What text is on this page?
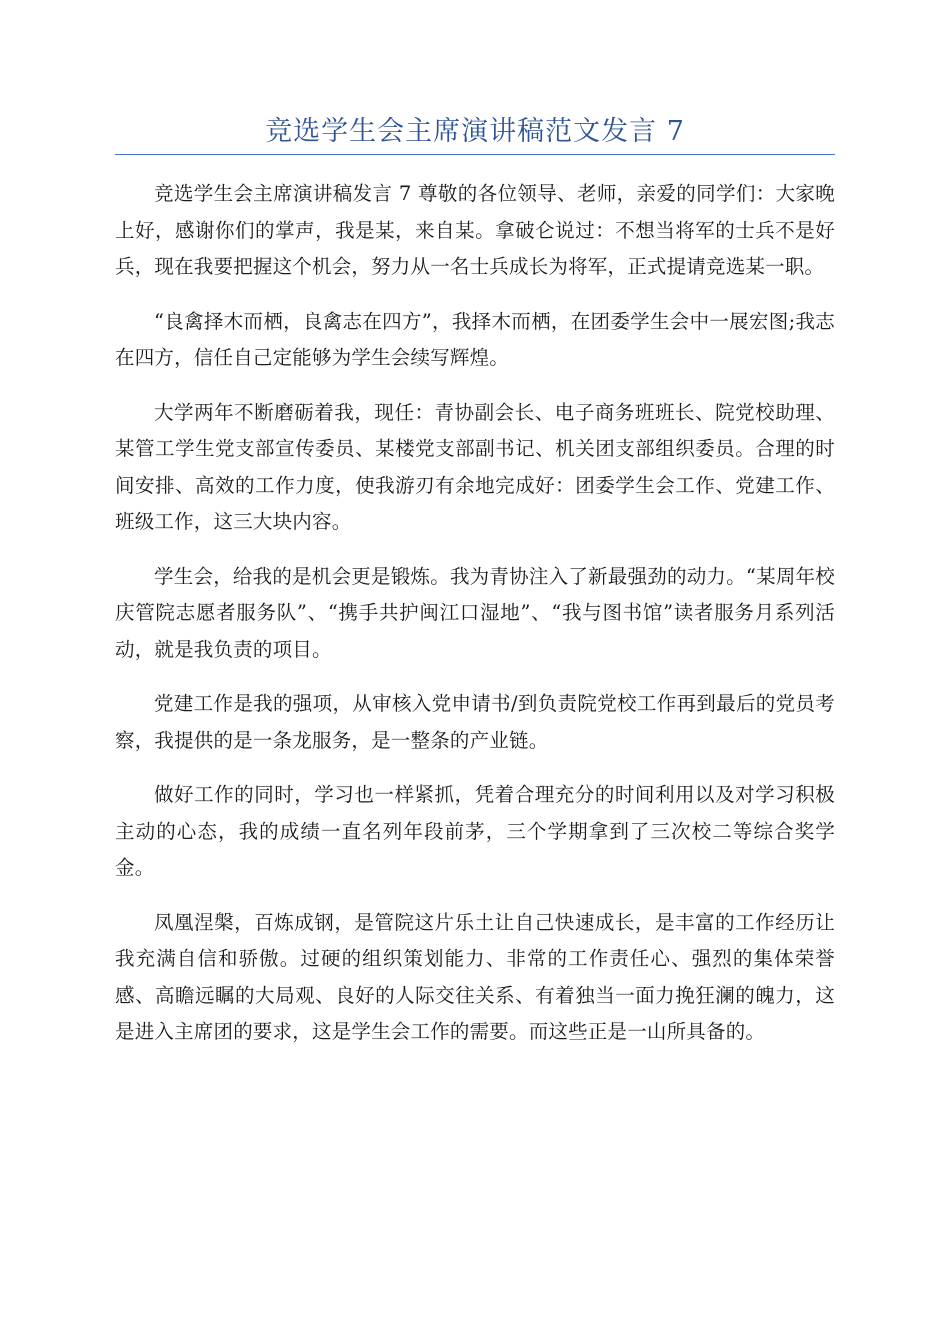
竞选学生会主席演讲稿范文发言 7

竞选学生会主席演讲稿发言 7 尊敬的各位领导、老师，亲爱的同学们：大家晚上好，感谢你们的掌声，我是某，来自某。拿破仑说过：不想当将军的士兵不是好兵，现在我要把握这个机会，努力从一名士兵成长为将军，正式提请竞选某一职。

“良禽择木而栖，良禽志在四方”，我择木而栖，在团委学生会中一展宏图;我志在四方，信任自己定能够为学生会续写辉煌。

大学两年不断磨砺着我，现任：青协副会长、电子商务班班长、院党校助理、某管工学生党支部宣传委员、某楼党支部副书记、机关团支部组织委员。合理的时间安排、高效的工作力度，使我游刃有余地完成好：团委学生会工作、党建工作、班级工作，这三大块内容。

学生会，给我的是机会更是锻炼。我为青协注入了新最强劲的动力。“某周年校庆管院志愿者服务队”、“携手共护闽江口湿地”、“我与图书馆”读者服务月系列活动，就是我负责的项目。

党建工作是我的强项，从审核入党申请书/到负责院党校工作再到最后的党员考察，我提供的是一条龙服务，是一整条的产业链。

做好工作的同时，学习也一样紧抓，凭着合理充分的时间利用以及对学习积极主动的心态，我的成绩一直名列年段前茅，三个学期拿到了三次校二等综合奖学金。

凤凰涅槃，百炼成钢，是管院这片乐土让自己快速成长，是丰富的工作经历让我充满自信和骄傲。过硬的组织策划能力、非常的工作责任心、强烈的集体荣誉感、高瞻远瞩的大局观、良好的人际交往关系、有着独当一面力挽狂澜的魄力，这是进入主席团的要求，这是学生会工作的需要。而这些正是一山所具备的。
